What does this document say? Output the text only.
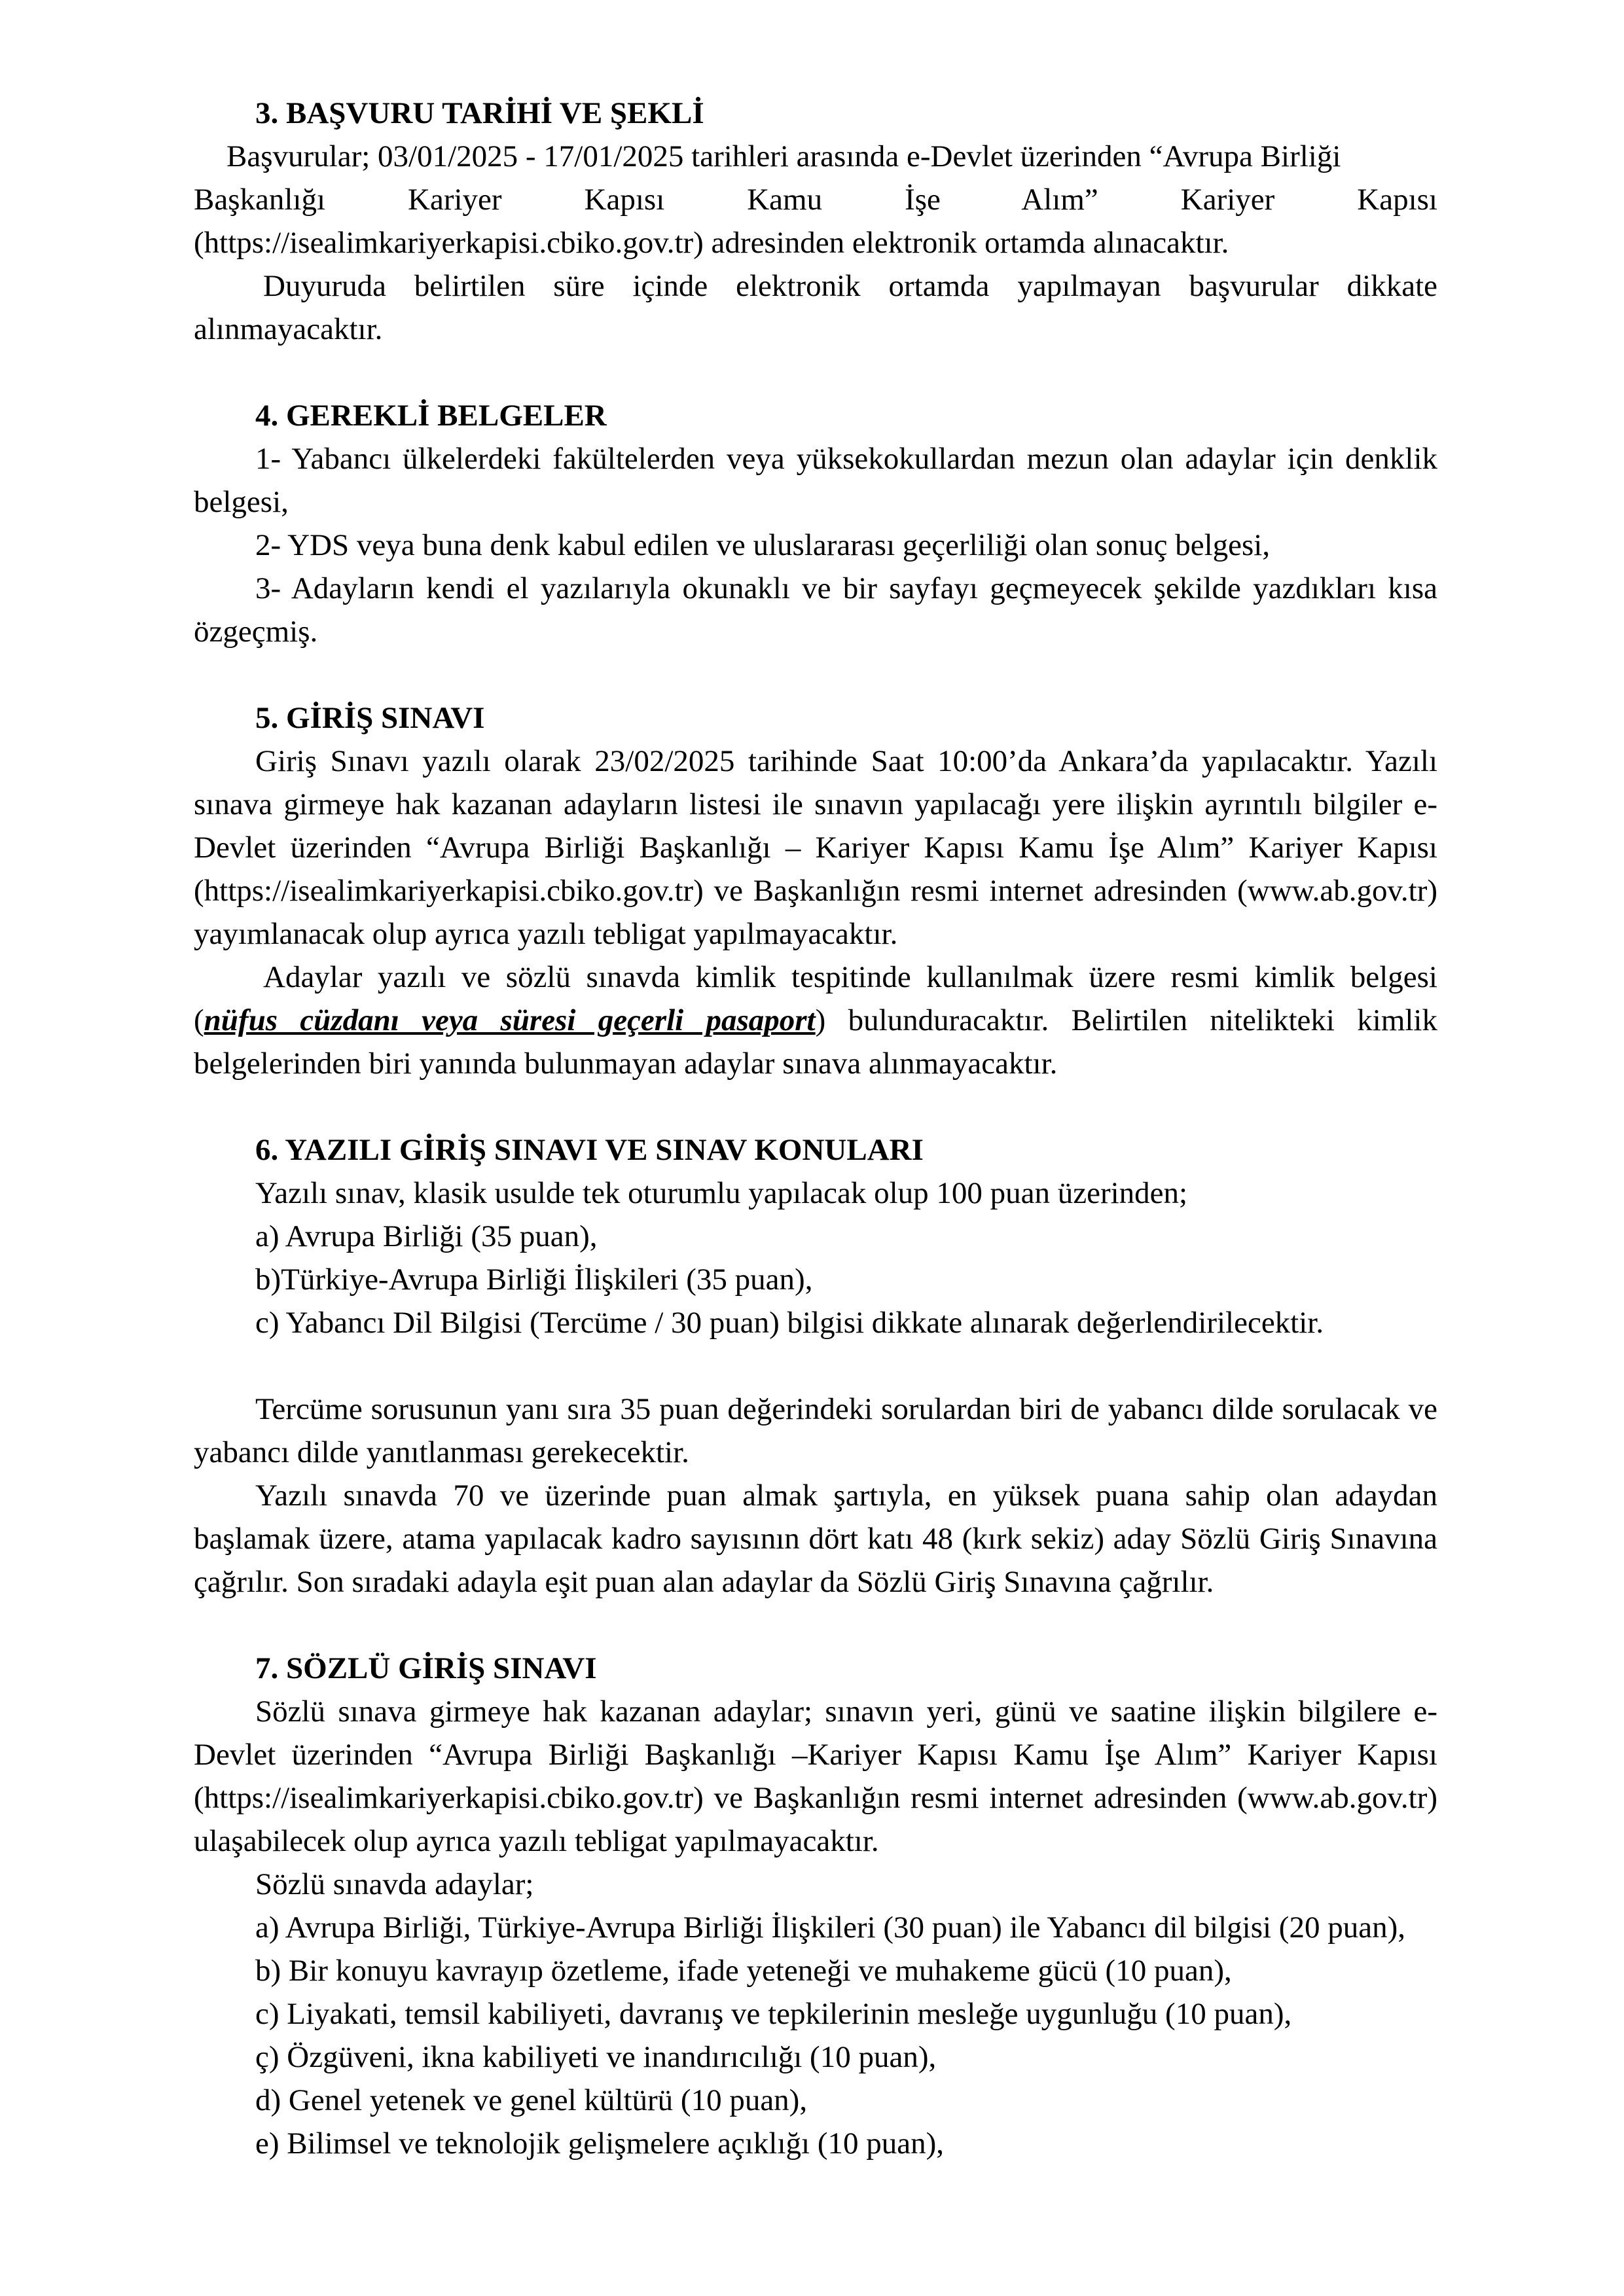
3. BAŞVURU TARİHİ VE ŞEKLİ

Başvurular; 03/01/2025 - 17/01/2025 tarihleri arasında e-Devlet üzerinden “Avrupa Birliği

Başkanlığı Kariyer Kapısı Kamu İşe Alım” Kariyer Kapısı

(https://isealimkariyerkapisi.cbiko.gov.tr) adresinden elektronik ortamda alınacaktır.

Duyuruda belirtilen süre içinde elektronik ortamda yapılmayan başvurular dikkate alınmayacaktır.

4. GEREKLİ BELGELER

1- Yabancı ülkelerdeki fakültelerden veya yüksekokullardan mezun olan adaylar için denklik belgesi,

2- YDS veya buna denk kabul edilen ve uluslararası geçerliliği olan sonuç belgesi,

3- Adayların kendi el yazılarıyla okunaklı ve bir sayfayı geçmeyecek şekilde yazdıkları kısa özgeçmiş.

5. GİRİŞ SINAVI

Giriş Sınavı yazılı olarak 23/02/2025 tarihinde Saat 10:00’da Ankara’da yapılacaktır. Yazılı sınava girmeye hak kazanan adayların listesi ile sınavın yapılacağı yere ilişkin ayrıntılı bilgiler e-Devlet üzerinden “Avrupa Birliği Başkanlığı – Kariyer Kapısı Kamu İşe Alım” Kariyer Kapısı (https://isealimkariyerkapisi.cbiko.gov.tr) ve Başkanlığın resmi internet adresinden (www.ab.gov.tr) yayımlanacak olup ayrıca yazılı tebligat yapılmayacaktır.

Adaylar yazılı ve sözlü sınavda kimlik tespitinde kullanılmak üzere resmi kimlik belgesi (nüfus cüzdanı veya süresi geçerli pasaport) bulunduracaktır. Belirtilen nitelikteki kimlik belgelerinden biri yanında bulunmayan adaylar sınava alınmayacaktır.

6. YAZILI GİRİŞ SINAVI VE SINAV KONULARI

Yazılı sınav, klasik usulde tek oturumlu yapılacak olup 100 puan üzerinden;

a) Avrupa Birliği (35 puan),

b)Türkiye-Avrupa Birliği İlişkileri (35 puan),

c) Yabancı Dil Bilgisi (Tercüme / 30 puan) bilgisi dikkate alınarak değerlendirilecektir.

Tercüme sorusunun yanı sıra 35 puan değerindeki sorulardan biri de yabancı dilde sorulacak ve yabancı dilde yanıtlanması gerekecektir.

Yazılı sınavda 70 ve üzerinde puan almak şartıyla, en yüksek puana sahip olan adaydan başlamak üzere, atama yapılacak kadro sayısının dört katı 48 (kırk sekiz) aday Sözlü Giriş Sınavına çağrılır. Son sıradaki adayla eşit puan alan adaylar da Sözlü Giriş Sınavına çağrılır.

7. SÖZLÜ GİRİŞ SINAVI

Sözlü sınava girmeye hak kazanan adaylar; sınavın yeri, günü ve saatine ilişkin bilgilere e-Devlet üzerinden “Avrupa Birliği Başkanlığı –Kariyer Kapısı Kamu İşe Alım” Kariyer Kapısı (https://isealimkariyerkapisi.cbiko.gov.tr) ve Başkanlığın resmi internet adresinden (www.ab.gov.tr) ulaşabilecek olup ayrıca yazılı tebligat yapılmayacaktır.

Sözlü sınavda adaylar;

a) Avrupa Birliği, Türkiye-Avrupa Birliği İlişkileri (30 puan) ile Yabancı dil bilgisi (20 puan),

b) Bir konuyu kavrayıp özetleme, ifade yeteneği ve muhakeme gücü (10 puan),

c) Liyakati, temsil kabiliyeti, davranış ve tepkilerinin mesleğe uygunluğu (10 puan),

ç) Özgüveni, ikna kabiliyeti ve inandırıcılığı (10 puan),

d) Genel yetenek ve genel kültürü (10 puan),

e) Bilimsel ve teknolojik gelişmelere açıklığı (10 puan),
